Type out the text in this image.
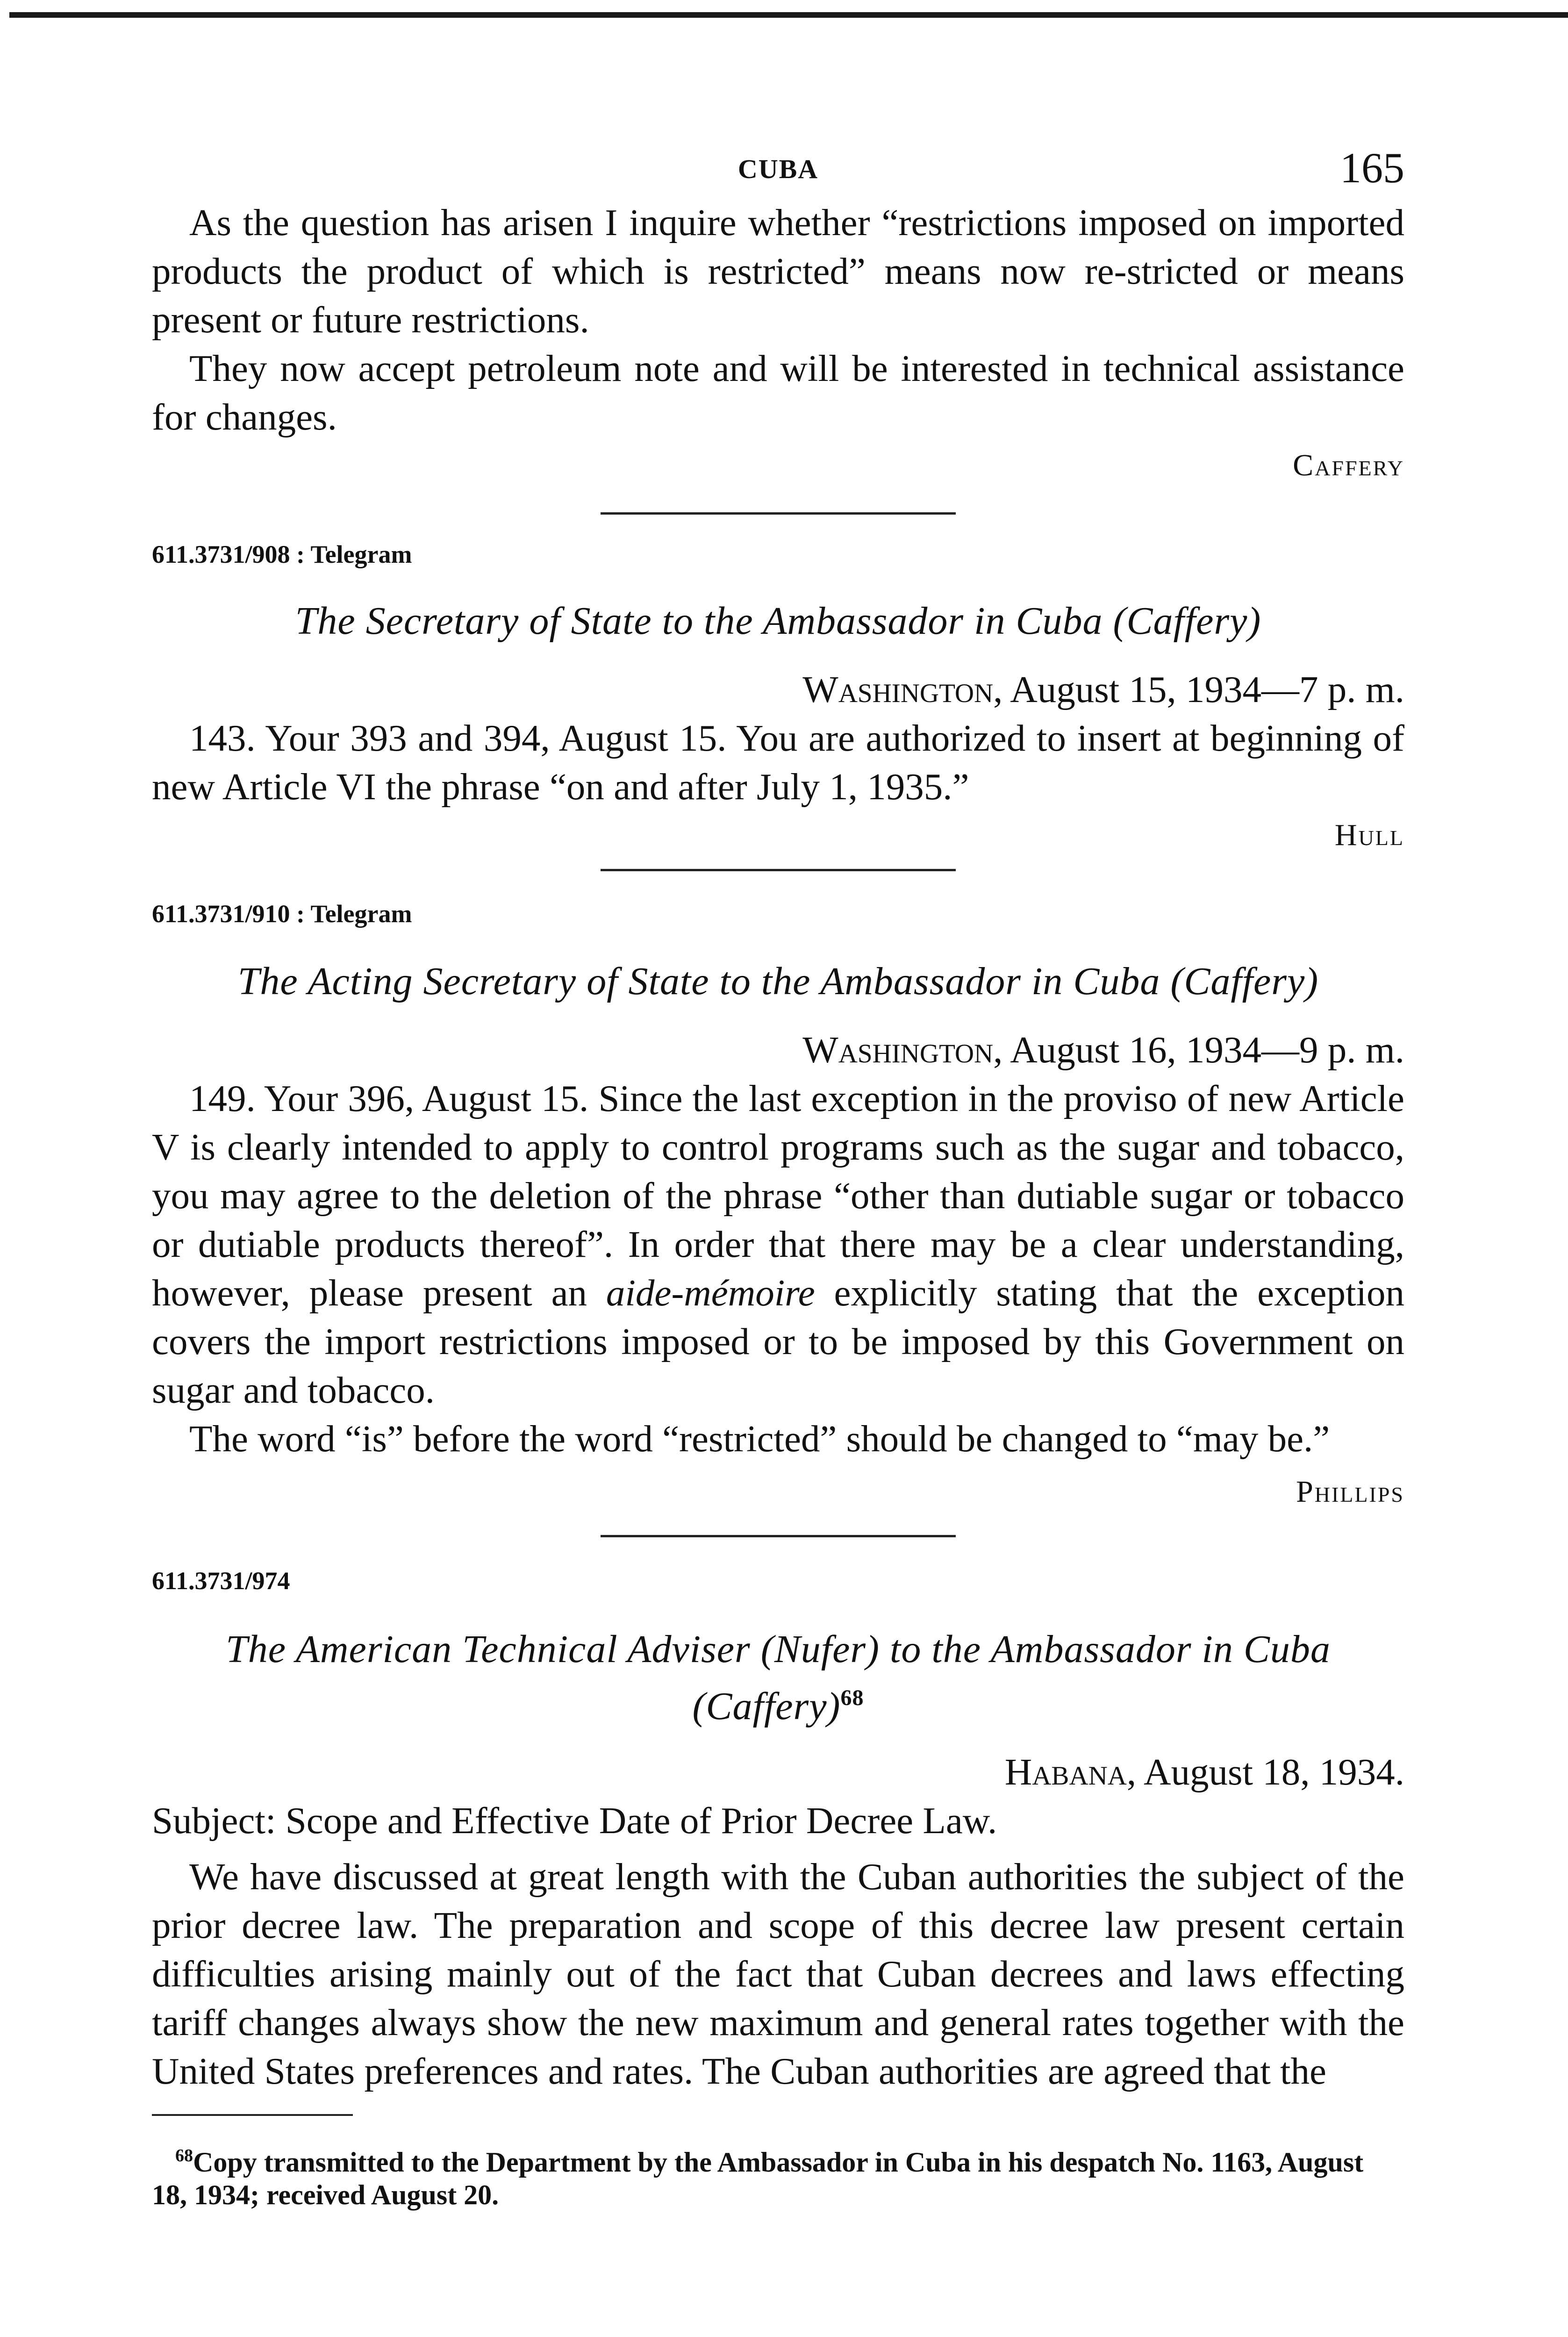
CUBA	165

As the question has arisen I inquire whether “restrictions imposed on imported products the product of which is restricted” means now re-stricted or means present or future restrictions.

They now accept petroleum note and will be interested in technical assistance for changes.

Caffery
611.3731/908 : Telegram
The Secretary of State to the Ambassador in Cuba (Caffery)
Washington, August 15, 1934—7 p. m.

143. Your 393 and 394, August 15. You are authorized to insert at beginning of new Article VI the phrase “on and after July 1, 1935.”

Hull
611.3731/910 : Telegram
The Acting Secretary of State to the Ambassador in Cuba (Caffery)
Washington, August 16, 1934—9 p. m.

149. Your 396, August 15. Since the last exception in the proviso of new Article V is clearly intended to apply to control programs such as the sugar and tobacco, you may agree to the deletion of the phrase “other than dutiable sugar or tobacco or dutiable products thereof”. In order that there may be a clear understanding, however, please present an aide-mémoire explicitly stating that the exception covers the import restrictions imposed or to be imposed by this Government on sugar and tobacco.

The word “is” before the word “restricted” should be changed to “may be.”

Phillips
611.3731/974
The American Technical Adviser (Nufer) to the Ambassador in Cuba (Caffery)$^{68}$
Habana, August 18, 1934.
Subject: Scope and Effective Date of Prior Decree Law.

We have discussed at great length with the Cuban authorities the subject of the prior decree law. The preparation and scope of this decree law present certain difficulties arising mainly out of the fact that Cuban decrees and laws effecting tariff changes always show the new maximum and general rates together with the United States preferences and rates. The Cuban authorities are agreed that the

$^{68}$Copy transmitted to the Department by the Ambassador in Cuba in his despatch No. 1163, August 18, 1934; received August 20.
